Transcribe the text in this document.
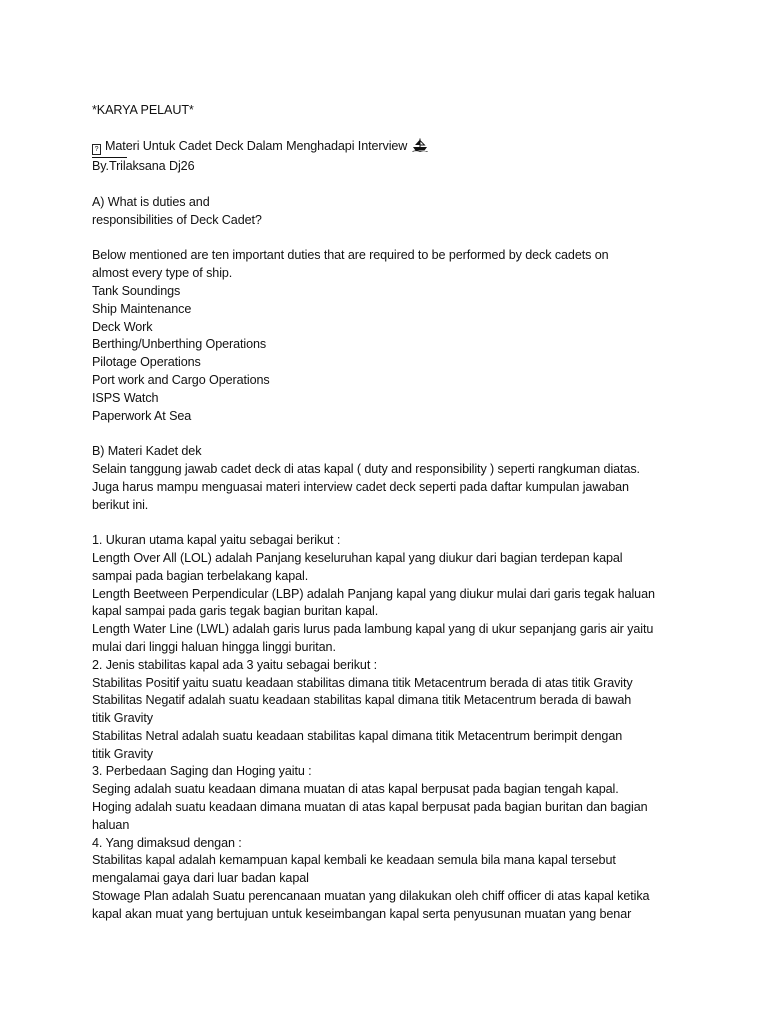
*KARYA PELAUT*
? Materi Untuk Cadet Deck Dalam Menghadapi Interview
By.Trilaksana Dj26
A) What is duties and
responsibilities of Deck Cadet?
Below mentioned are ten important duties that are required to be performed by deck cadets on
almost every type of ship.
Tank Soundings
Ship Maintenance
Deck Work
Berthing/Unberthing Operations
Pilotage Operations
Port work and Cargo Operations
ISPS Watch
Paperwork At Sea
B) Materi Kadet dek
Selain tanggung jawab cadet deck di atas kapal ( duty and responsibility ) seperti rangkuman diatas.
Juga harus mampu menguasai materi interview cadet deck seperti pada daftar kumpulan jawaban
berikut ini.
1. Ukuran utama kapal yaitu sebagai berikut :
Length Over All (LOL) adalah Panjang keseluruhan kapal yang diukur dari bagian terdepan kapal
sampai pada bagian terbelakang kapal.
Length Beetween Perpendicular (LBP) adalah Panjang kapal yang diukur mulai dari garis tegak haluan
kapal sampai pada garis tegak bagian buritan kapal.
Length Water Line (LWL) adalah garis lurus pada lambung kapal yang di ukur sepanjang garis air yaitu
mulai dari linggi haluan hingga linggi buritan.
2. Jenis stabilitas kapal ada 3 yaitu sebagai berikut :
Stabilitas Positif yaitu suatu keadaan stabilitas dimana titik Metacentrum berada di atas titik Gravity
Stabilitas Negatif adalah suatu keadaan stabilitas kapal dimana titik Metacentrum berada di bawah
titik Gravity
Stabilitas Netral adalah suatu keadaan stabilitas kapal dimana titik Metacentrum berimpit dengan
titik Gravity
3. Perbedaan Saging dan Hoging yaitu :
Seging adalah suatu keadaan dimana muatan di atas kapal berpusat pada bagian tengah kapal.
Hoging adalah suatu keadaan dimana muatan di atas kapal berpusat pada bagian buritan dan bagian
haluan
4. Yang dimaksud dengan :
Stabilitas kapal adalah kemampuan kapal kembali ke keadaan semula bila mana kapal tersebut
mengalamai gaya dari luar badan kapal
Stowage Plan adalah Suatu perencanaan muatan yang dilakukan oleh chiff officer di atas kapal ketika
kapal akan muat yang bertujuan untuk keseimbangan kapal serta penyusunan muatan yang benar
